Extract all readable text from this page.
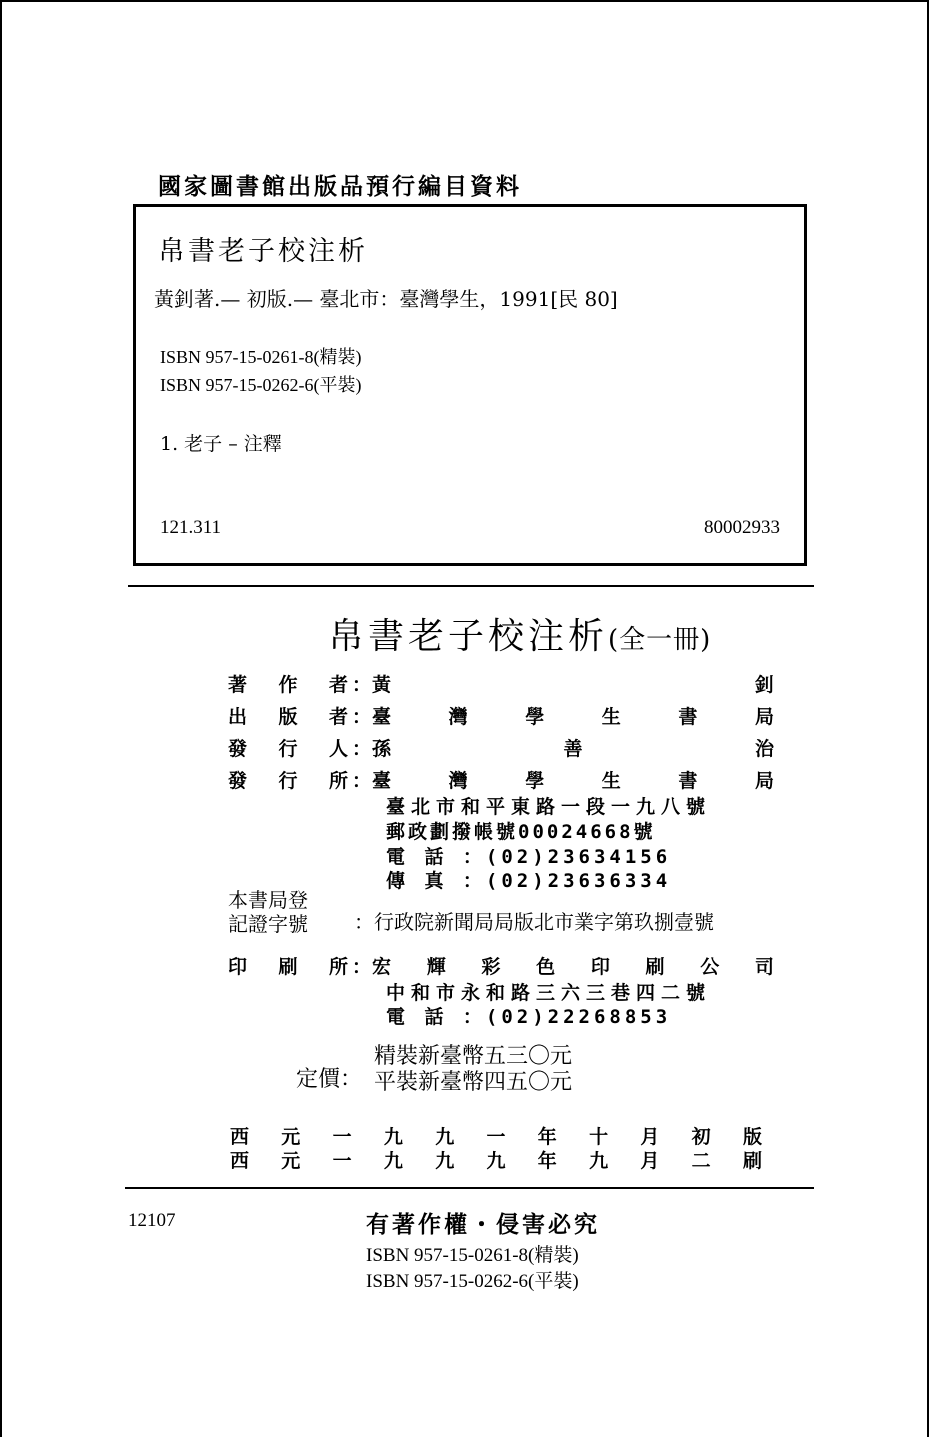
國家圖書館出版品預行編目資料
帛書老子校注析
黃釗著.— 初版.— 臺北市：臺灣學生，1991[民 80]
ISBN 957-15-0261-8(精裝)
ISBN 957-15-0262-6(平裝)
1. 老子 – 注釋
121.311	80002933
帛書老子校注析(全一冊)
著 作 者 ： 黃	釗
出 版 者 ： 臺	灣	學	生	書	局
發 行 人 ： 孫	善	治
發 行 所 ： 臺	灣	學	生	書	局
臺北市和平東路一段一九八號
郵政劃撥帳號00024668號
電 話 ：(02)23634156
傳 真 ：(02)23636334
本書局登
記證字號 ：行政院新聞局局版北市業字第玖捌壹號
印 刷 所 ： 宏 輝 彩 色 印 刷 公 司
中和市永和路三六三巷四二號
電 話 ：(02)22268853
定價：
精裝新臺幣五三〇元
平裝新臺幣四五〇元
西 元 一 九 九 一 年 十 月 初 版
西 元 一 九 九 九 年 九 月 二 刷
12107	有著作權・侵害必究
ISBN 957-15-0261-8(精裝)
ISBN 957-15-0262-6(平裝)
